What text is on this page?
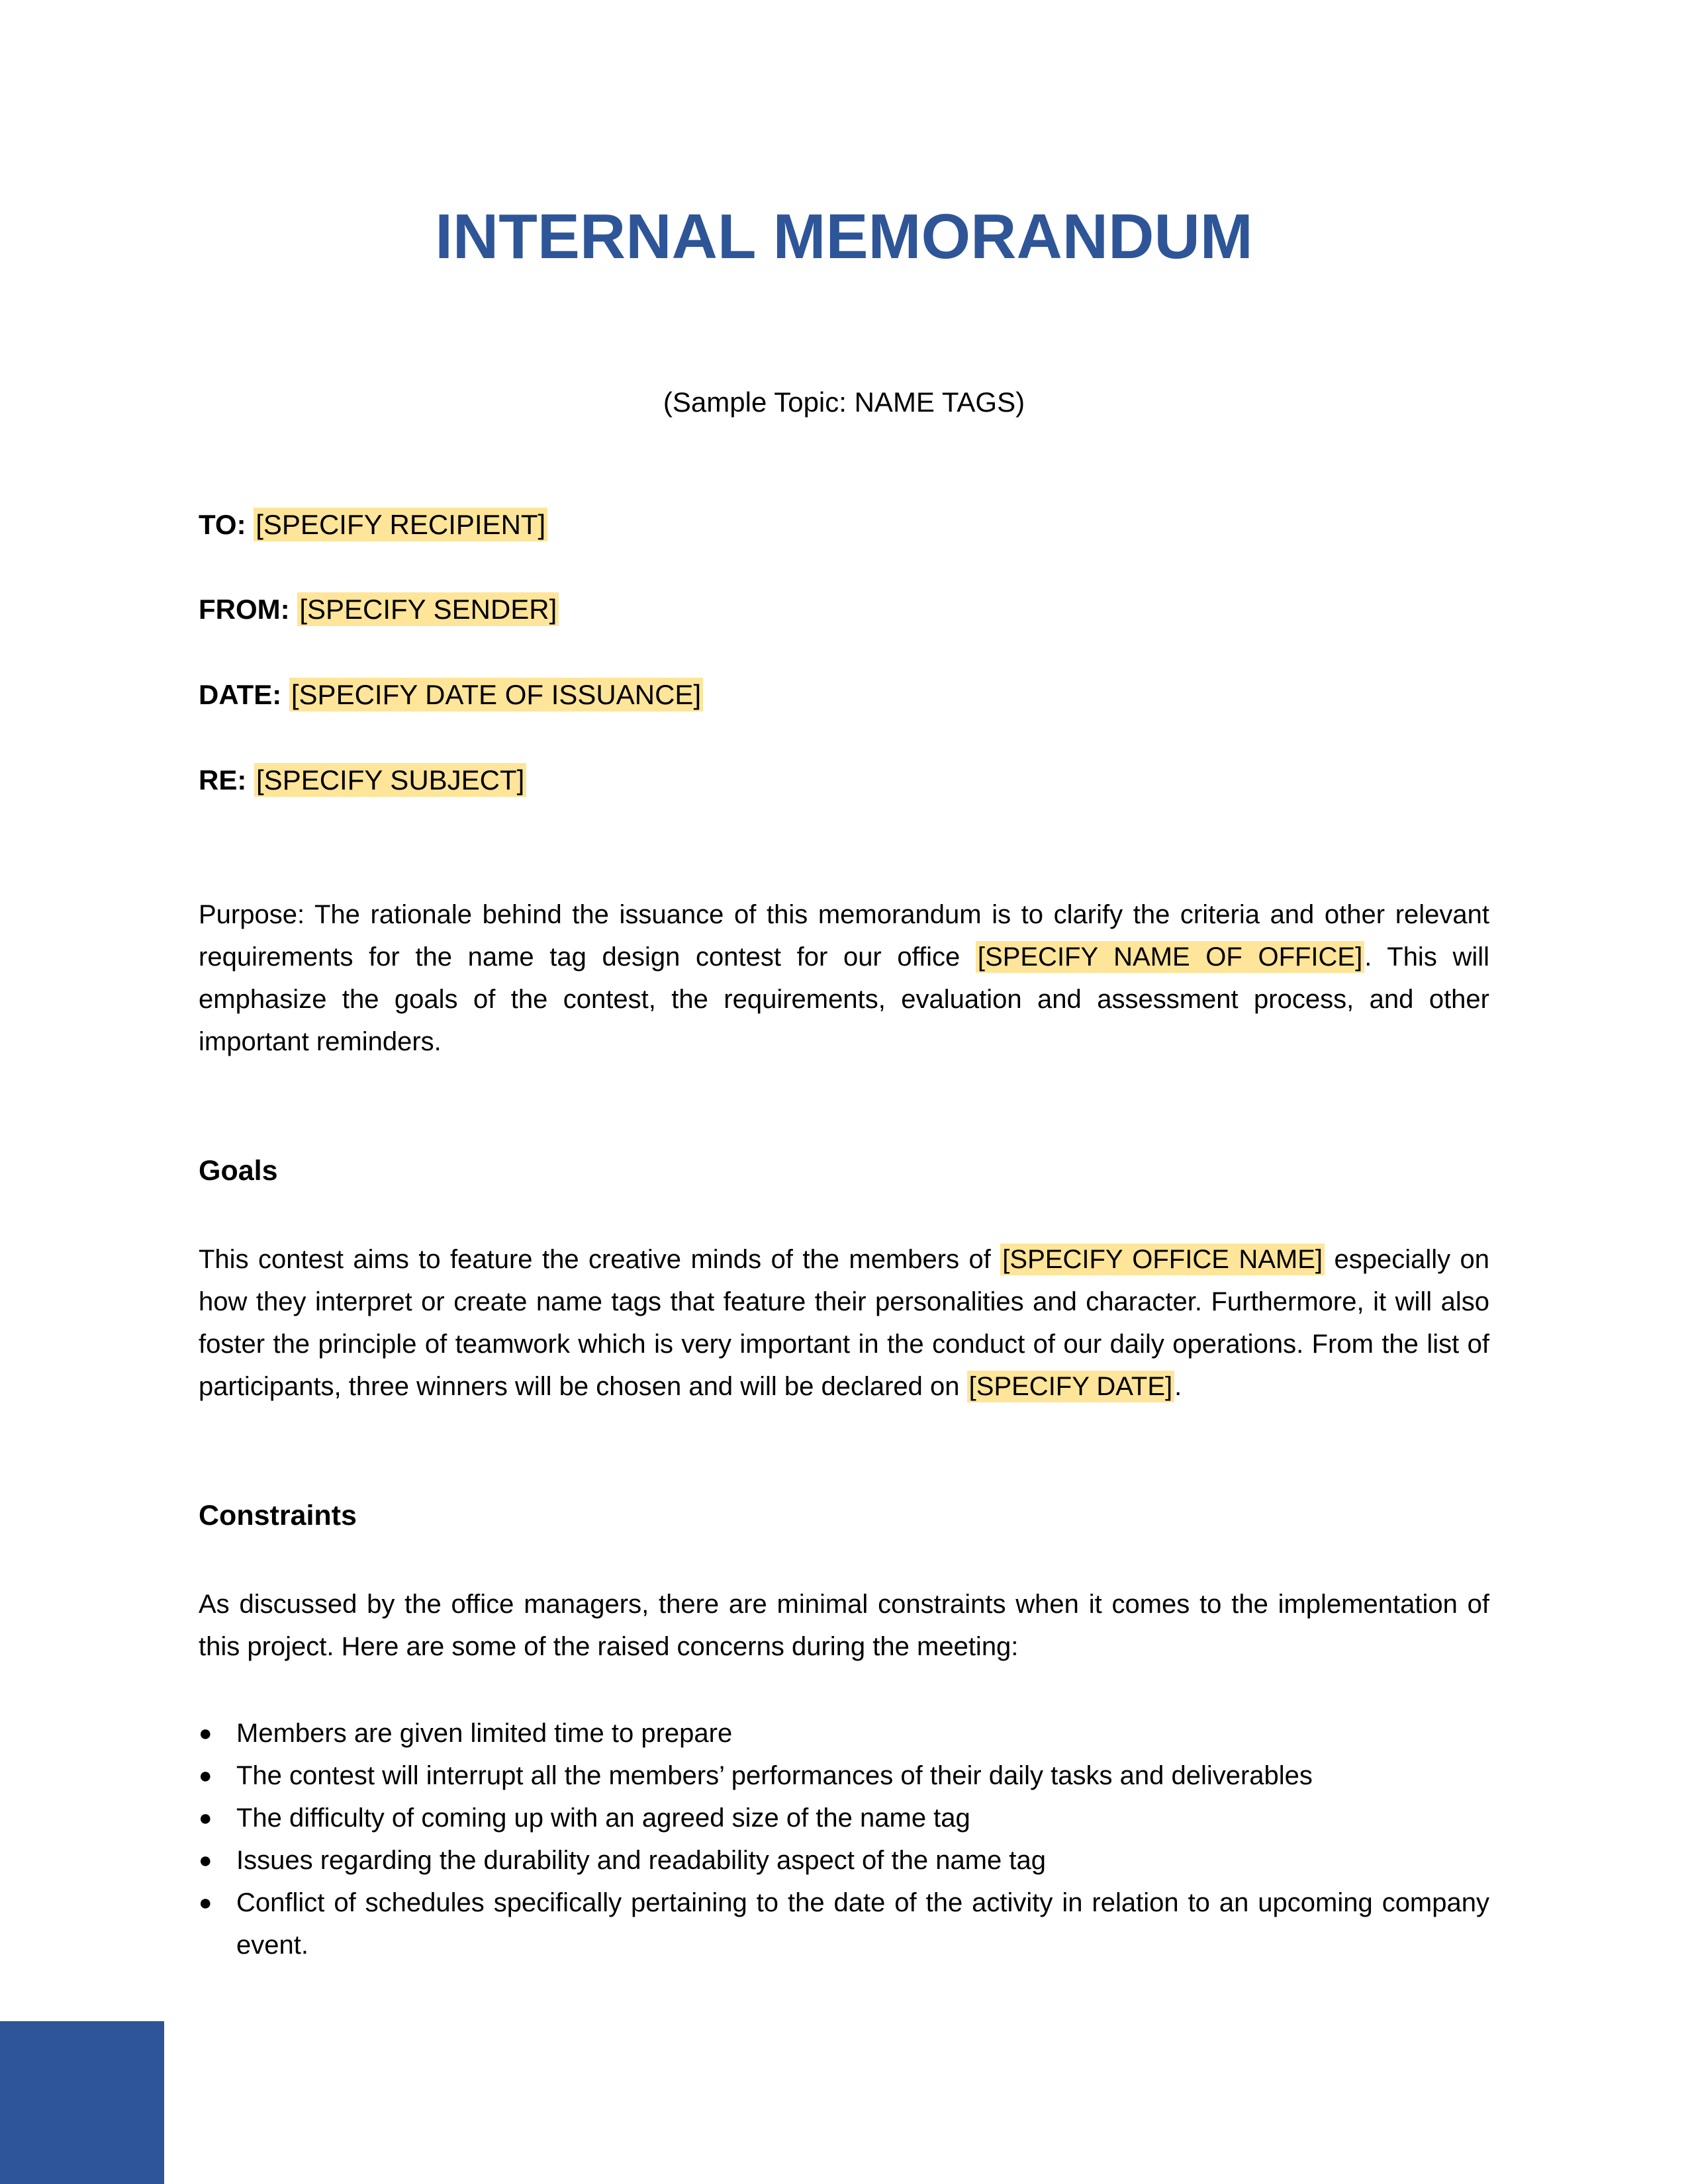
INTERNAL MEMORANDUM
(Sample Topic: NAME TAGS)
TO: [SPECIFY RECIPIENT]
FROM: [SPECIFY SENDER]
DATE: [SPECIFY DATE OF ISSUANCE]
RE: [SPECIFY SUBJECT]
Purpose: The rationale behind the issuance of this memorandum is to clarify the criteria and other relevant requirements for the name tag design contest for our office [SPECIFY NAME OF OFFICE]. This will emphasize the goals of the contest, the requirements, evaluation and assessment process, and other important reminders.
Goals
This contest aims to feature the creative minds of the members of [SPECIFY OFFICE NAME] especially on how they interpret or create name tags that feature their personalities and character. Furthermore, it will also foster the principle of teamwork which is very important in the conduct of our daily operations. From the list of participants, three winners will be chosen and will be declared on [SPECIFY DATE].
Constraints
As discussed by the office managers, there are minimal constraints when it comes to the implementation of this project. Here are some of the raised concerns during the meeting:
● Members are given limited time to prepare
● The contest will interrupt all the members’ performances of their daily tasks and deliverables
● The difficulty of coming up with an agreed size of the name tag
● Issues regarding the durability and readability aspect of the name tag
● Conflict of schedules specifically pertaining to the date of the activity in relation to an upcoming company event.
